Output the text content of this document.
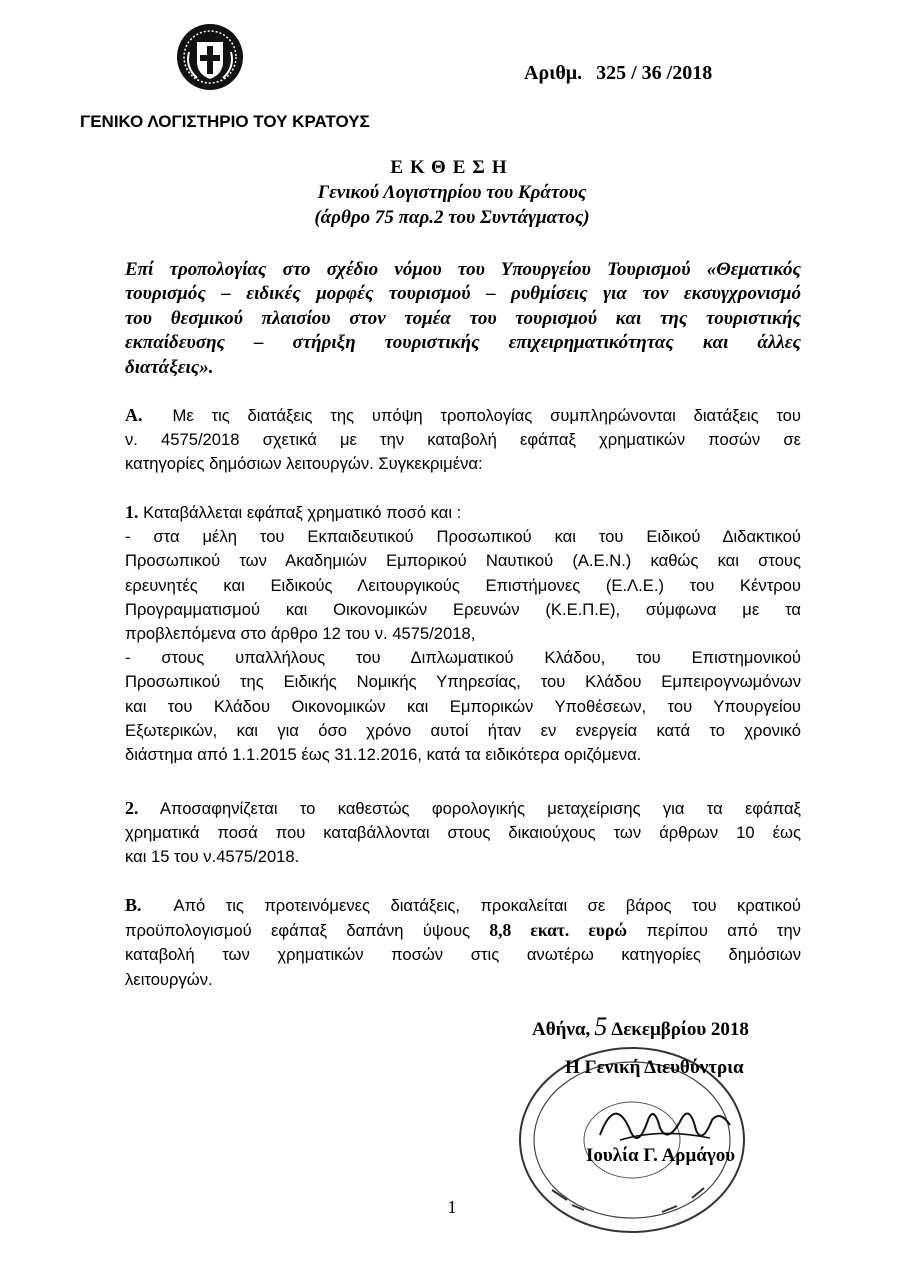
Αριθμ. 325 / 36 /2018
ΓΕΝΙΚΟ ΛΟΓΙΣΤΗΡΙΟ ΤΟΥ ΚΡΑΤΟΥΣ
ΕΚΘΕΣΗ
Γενικού Λογιστηρίου του Κράτους
(άρθρο 75 παρ.2 του Συντάγματος)
Επί τροπολογίας στο σχέδιο νόμου του Υπουργείου Τουρισμού «Θεματικός
τουρισμός – ειδικές μορφές τουρισμού – ρυθμίσεις για τον εκσυγχρονισμό
του θεσμικού πλαισίου στον τομέα του τουρισμού και της τουριστικής
εκπαίδευσης – στήριξη τουριστικής επιχειρηματικότητας και άλλες
διατάξεις».
Α. Με τις διατάξεις της υπόψη τροπολογίας συμπληρώνονται διατάξεις του
ν. 4575/2018 σχετικά με την καταβολή εφάπαξ χρηματικών ποσών σε
κατηγορίες δημόσιων λειτουργών. Συγκεκριμένα:
1. Καταβάλλεται εφάπαξ χρηματικό ποσό και :
- στα μέλη του Εκπαιδευτικού Προσωπικού και του Ειδικού Διδακτικού
Προσωπικού των Ακαδημιών Εμπορικού Ναυτικού (Α.Ε.Ν.) καθώς και στους
ερευνητές και Ειδικούς Λειτουργικούς Επιστήμονες (Ε.Λ.Ε.) του Κέντρου
Προγραμματισμού και Οικονομικών Ερευνών (Κ.Ε.Π.Ε), σύμφωνα με τα
προβλεπόμενα στο άρθρο 12 του ν. 4575/2018,
- στους υπαλλήλους του Διπλωματικού Κλάδου, του Επιστημονικού
Προσωπικού της Ειδικής Νομικής Υπηρεσίας, του Κλάδου Εμπειρογνωμόνων
και του Κλάδου Οικονομικών και Εμπορικών Υποθέσεων, του Υπουργείου
Εξωτερικών, και για όσο χρόνο αυτοί ήταν εν ενεργεία κατά το χρονικό
διάστημα από 1.1.2015 έως 31.12.2016, κατά τα ειδικότερα οριζόμενα.
2. Αποσαφηνίζεται το καθεστώς φορολογικής μεταχείρισης για τα εφάπαξ
χρηματικά ποσά που καταβάλλονται στους δικαιούχους των άρθρων 10 έως
και 15 του ν.4575/2018.
Β. Από τις προτεινόμενες διατάξεις, προκαλείται σε βάρος του κρατικού
προϋπολογισμού εφάπαξ δαπάνη ύψους 8,8 εκατ. ευρώ περίπου από την
καταβολή των χρηματικών ποσών στις ανωτέρω κατηγορίες δημόσιων
λειτουργών.
Αθήνα, 5 Δεκεμβρίου 2018
Η Γενική Διευθύντρια
Ιουλία Γ. Αρμάγου
1
